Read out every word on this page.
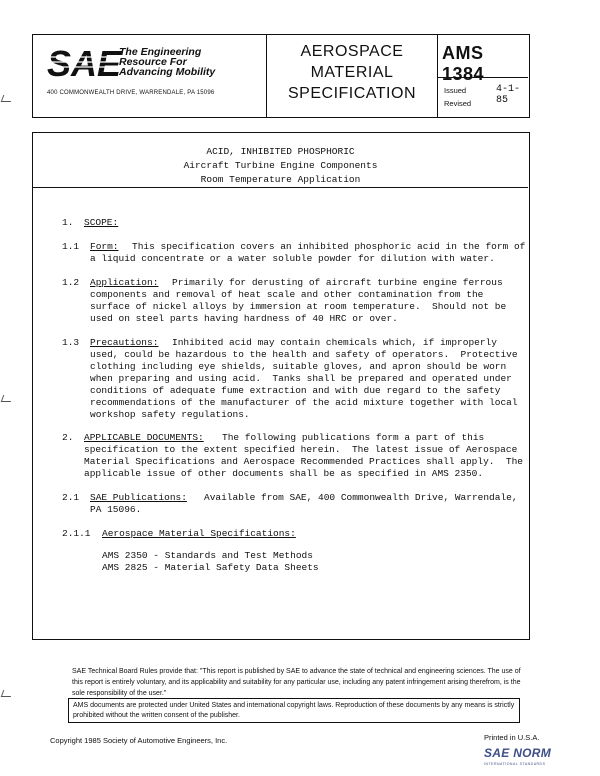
SAE
The Engineering
Resource For
Advancing Mobility
400 COMMONWEALTH DRIVE, WARRENDALE, PA 15096
AEROSPACE
MATERIAL
SPECIFICATION
AMS 1384
Issued	4-1-85
Revised
ACID, INHIBITED PHOSPHORIC
Aircraft Turbine Engine Components
Room Temperature Application
1. SCOPE:
1.1 Form: This specification covers an inhibited phosphoric acid in the form of
a liquid concentrate or a water soluble powder for dilution with water.
1.2 Application: Primarily for derusting of aircraft turbine engine ferrous
components and removal of heat scale and other contamination from the
surface of nickel alloys by immersion at room temperature.  Should not be
used on steel parts having hardness of 40 HRC or over.
1.3 Precautions: Inhibited acid may contain chemicals which, if improperly
used, could be hazardous to the health and safety of operators.  Protective
clothing including eye shields, suitable gloves, and apron should be worn
when preparing and using acid.  Tanks shall be prepared and operated under
conditions of adequate fume extraction and with due regard to the safety
recommendations of the manufacturer of the acid mixture together with local
workshop safety regulations.
2. APPLICABLE DOCUMENTS: The following publications form a part of this
specification to the extent specified herein.  The latest issue of Aerospace
Material Specifications and Aerospace Recommended Practices shall apply.  The
applicable issue of other documents shall be as specified in AMS 2350.
2.1 SAE Publications: Available from SAE, 400 Commonwealth Drive, Warrendale,
PA 15096.
2.1.1 Aerospace Material Specifications:
AMS 2350 - Standards and Test Methods
AMS 2825 - Material Safety Data Sheets
SAE Technical Board Rules provide that: "This report is published by SAE to advance the state of technical and engineering sciences. The use of this report is entirely voluntary, and its applicability and suitability for any particular use, including any patent infringement arising therefrom, is the sole responsibility of the user."
AMS documents are protected under United States and international copyright laws. Reproduction of these documents by any means is strictly prohibited without the written consent of the publisher.
Copyright 1985 Society of Automotive Engineers, Inc.	Printed in U.S.A.
SAE NORM
INTERNATIONAL STANDARDS
